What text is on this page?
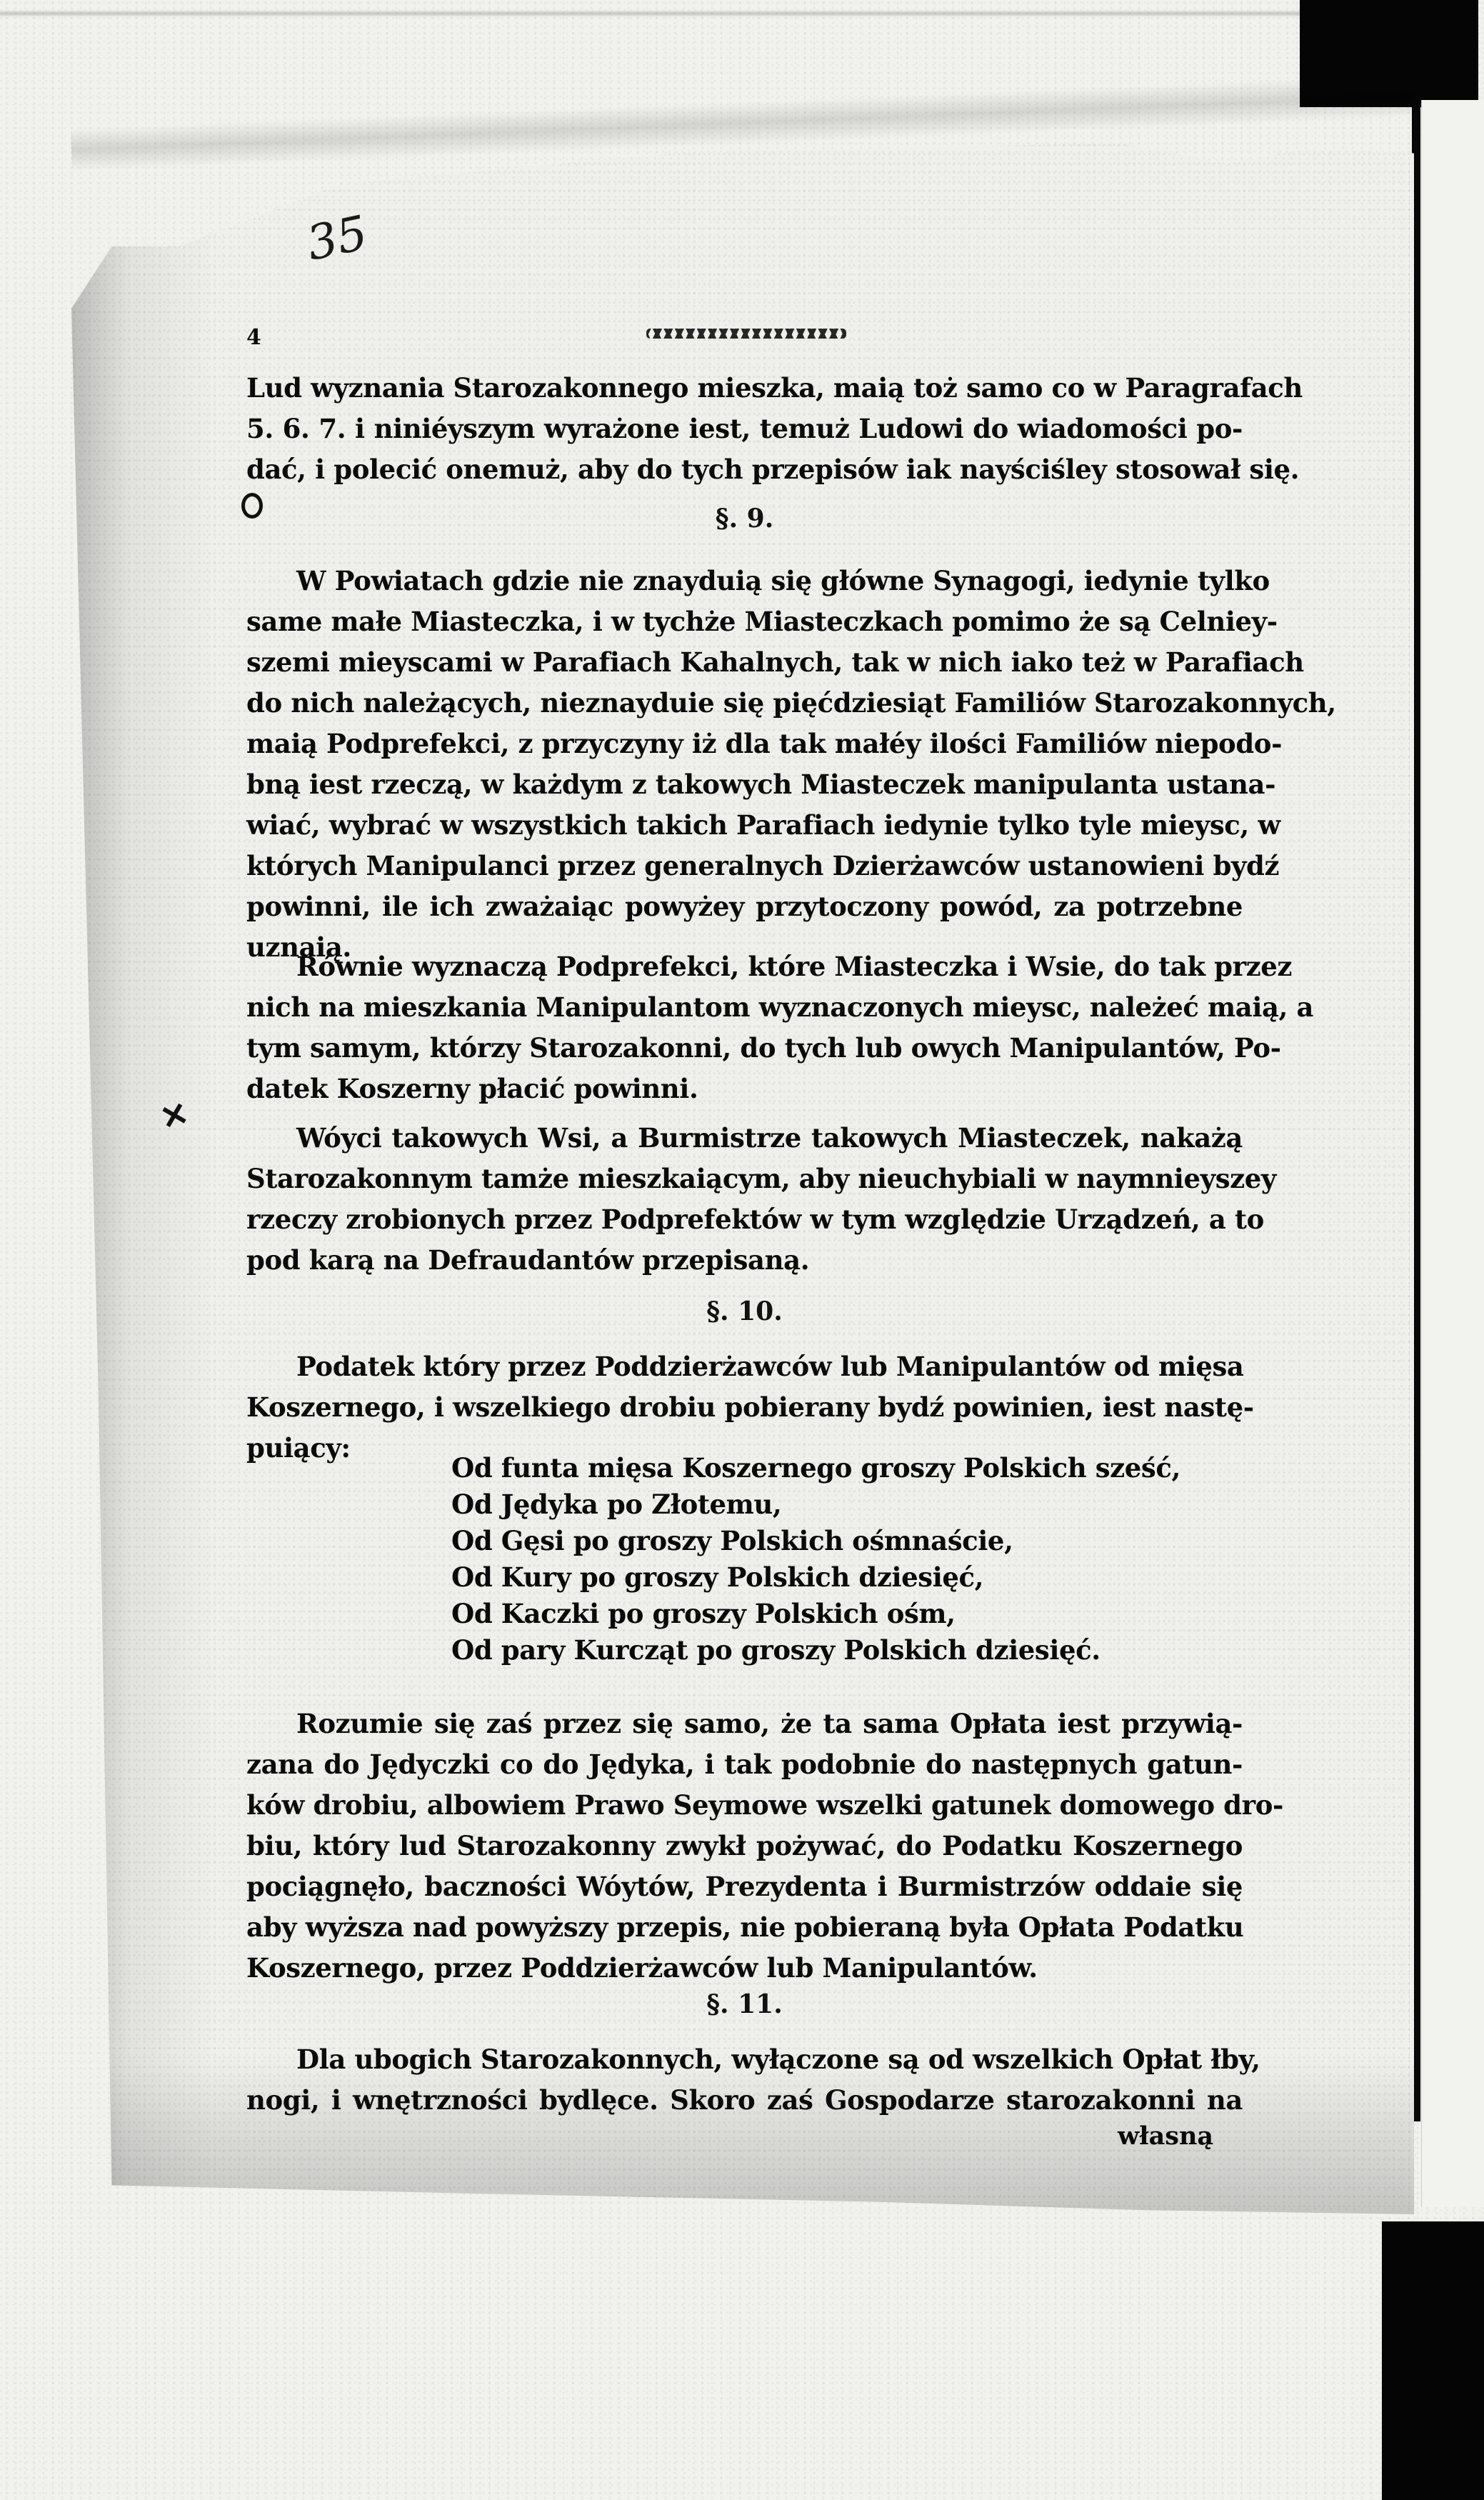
35
4
✕
Lud wyznania Starozakonnego mieszka, maią toż samo co w Paragrafach
5. 6. 7. i niniéyszym wyrażone iest, temuż Ludowi do wiadomości po-
dać, i polecić onemuż, aby do tych przepisów iak nayściśley stosował się.
§. 9.
W Powiatach gdzie nie znayduią się główne Synagogi, iedynie tylko
same małe Miasteczka, i w tychże Miasteczkach pomimo że są Celniey-
szemi mieyscami w Parafiach Kahalnych, tak w nich iako też w Parafiach
do nich należących, nieznayduie się pięćdziesiąt Familiów Starozakonnych,
maią Podprefekci, z przyczyny iż dla tak małéy ilości Familiów niepodo-
bną iest rzeczą, w każdym z takowych Miasteczek manipulanta ustana-
wiać, wybrać w wszystkich takich Parafiach iedynie tylko tyle mieysc, w
których Manipulanci przez generalnych Dzierżawców ustanowieni bydź
powinni, ile ich zważaiąc powyżey przytoczony powód, za potrzebne
uznaią.
Równie wyznaczą Podprefekci, które Miasteczka i Wsie, do tak przez
nich na mieszkania Manipulantom wyznaczonych mieysc, należeć maią, a
tym samym, którzy Starozakonni, do tych lub owych Manipulantów, Po-
datek Koszerny płacić powinni.
Wóyci takowych Wsi, a Burmistrze takowych Miasteczek, nakażą
Starozakonnym tamże mieszkaiącym, aby nieuchybiali w naymnieyszey
rzeczy zrobionych przez Podprefektów w tym względzie Urządzeń, a to
pod karą na Defraudantów przepisaną.
§. 10.
Podatek który przez Poddzierżawców lub Manipulantów od mięsa
Koszernego, i wszelkiego drobiu pobierany bydź powinien, iest nastę-
puiący:
Od funta mięsa Koszernego groszy Polskich sześć,
Od Jędyka po Złotemu,
Od Gęsi po groszy Polskich ośmnaście,
Od Kury po groszy Polskich dziesięć,
Od Kaczki po groszy Polskich ośm,
Od pary Kurcząt po groszy Polskich dziesięć.
Rozumie się zaś przez się samo, że ta sama Opłata iest przywią-
zana do Jędyczki co do Jędyka, i tak podobnie do następnych gatun-
ków drobiu, albowiem Prawo Seymowe wszelki gatunek domowego dro-
biu, który lud Starozakonny zwykł pożywać, do Podatku Koszernego
pociągnęło, baczności Wóytów, Prezydenta i Burmistrzów oddaie się
aby wyższa nad powyższy przepis, nie pobieraną była Opłata Podatku
Koszernego, przez Poddzierżawców lub Manipulantów.
§. 11.
Dla ubogich Starozakonnych, wyłączone są od wszelkich Opłat łby,
nogi, i wnętrzności bydlęce. Skoro zaś Gospodarze starozakonni na
własną
